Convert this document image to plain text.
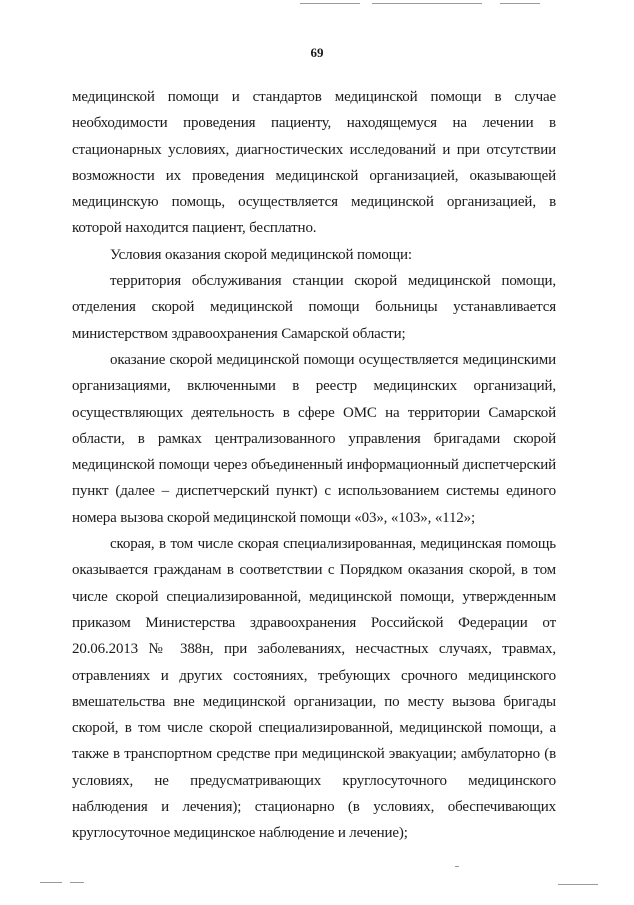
69

медицинской помощи и стандартов медицинской помощи в случае необходимости проведения пациенту, находящемуся на лечении в стационарных условиях, диагностических исследований и при отсутствии возможности их проведения медицинской организацией, оказывающей медицинскую помощь, осуществляется медицинской организацией, в которой находится пациент, бесплатно.

Условия оказания скорой медицинской помощи:

территория обслуживания станции скорой медицинской помощи, отделения скорой медицинской помощи больницы устанавливается министерством здравоохранения Самарской области;

оказание скорой медицинской помощи осуществляется медицинскими организациями, включенными в реестр медицинских организаций, осуществляющих деятельность в сфере ОМС на территории Самарской области, в рамках централизованного управления бригадами скорой медицинской помощи через объединенный информационный диспетчерский пункт (далее – диспетчерский пункт) с использованием системы единого номера вызова скорой медицинской помощи «03», «103», «112»;

скорая, в том числе скорая специализированная, медицинская помощь оказывается гражданам в соответствии с Порядком оказания скорой, в том числе скорой специализированной, медицинской помощи, утвержденным приказом Министерства здравоохранения Российской Федерации от 20.06.2013 № 388н, при заболеваниях, несчастных случаях, травмах, отравлениях и других состояниях, требующих срочного медицинского вмешательства вне медицинской организации, по месту вызова бригады скорой, в том числе скорой специализированной, медицинской помощи, а также в транспортном средстве при медицинской эвакуации; амбулаторно (в условиях, не предусматривающих круглосуточного медицинского наблюдения и лечения); стационарно (в условиях, обеспечивающих круглосуточное медицинское наблюдение и лечение);
